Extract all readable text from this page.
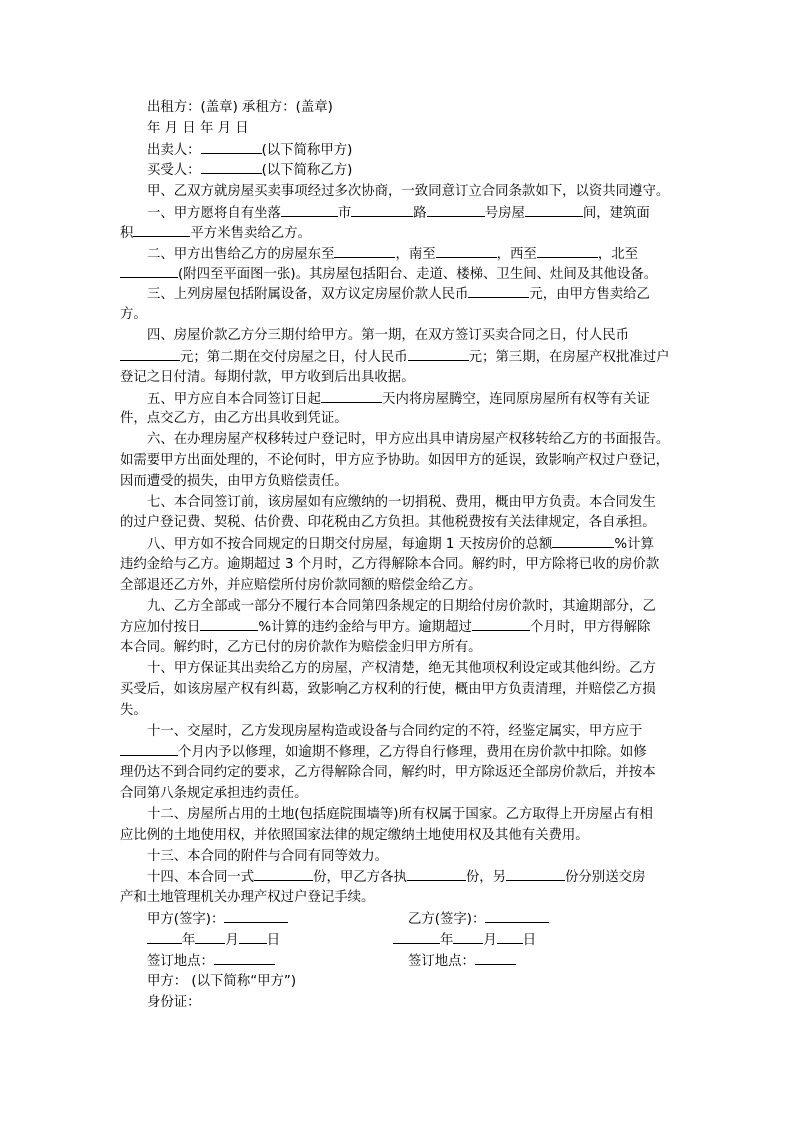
出租方：(盖章) 承租方：(盖章)
年 月 日 年 月 日
出卖人：	(以下简称甲方)
买受人：	(以下简称乙方)
甲、乙双方就房屋买卖事项经过多次协商，一致同意订立合同条款如下，以资共同遵守。
一、甲方愿将自有坐落	市	路	号房屋	间，建筑面
积	平方米售卖给乙方。
二、甲方出售给乙方的房屋东至	，南至	，西至	，北至
(附四至平面图一张)。其房屋包括阳台、走道、楼梯、卫生间、灶间及其他设备。
三、上列房屋包括附属设备，双方议定房屋价款人民币	元，由甲方售卖给乙
方。
四、房屋价款乙方分三期付给甲方。第一期，在双方签订买卖合同之日，付人民币
元；第二期在交付房屋之日，付人民币	元；第三期，在房屋产权批准过户
登记之日付清。每期付款，甲方收到后出具收据。
五、甲方应自本合同签订日起	天内将房屋腾空，连同原房屋所有权等有关证
件，点交乙方，由乙方出具收到凭证。
六、在办理房屋产权移转过户登记时，甲方应出具申请房屋产权移转给乙方的书面报告。
如需要甲方出面处理的，不论何时，甲方应予协助。如因甲方的延误，致影响产权过户登记，
因而遭受的损失，由甲方负赔偿责任。
七、本合同签订前，该房屋如有应缴纳的一切捐税、费用，概由甲方负责。本合同发生
的过户登记费、契税、估价费、印花税由乙方负担。其他税费按有关法律规定，各自承担。
八、甲方如不按合同规定的日期交付房屋，每逾期 1 天按房价的总额	%计算
违约金给与乙方。逾期超过 3 个月时，乙方得解除本合同。解约时，甲方除将已收的房价款
全部退还乙方外，并应赔偿所付房价款同额的赔偿金给乙方。
九、乙方全部或一部分不履行本合同第四条规定的日期给付房价款时，其逾期部分，乙
方应加付按日	%计算的违约金给与甲方。逾期超过	个月时，甲方得解除
本合同。解约时，乙方已付的房价款作为赔偿金归甲方所有。
十、甲方保证其出卖给乙方的房屋，产权清楚，绝无其他项权利设定或其他纠纷。乙方
买受后，如该房屋产权有纠葛，致影响乙方权利的行使，概由甲方负责清理，并赔偿乙方损
失。
十一、交屋时，乙方发现房屋构造或设备与合同约定的不符，经鉴定属实，甲方应于
个月内予以修理，如逾期不修理，乙方得自行修理，费用在房价款中扣除。如修
理仍达不到合同约定的要求，乙方得解除合同，解约时，甲方除返还全部房价款后，并按本
合同第八条规定承担违约责任。
十二、房屋所占用的土地(包括庭院围墙等)所有权属于国家。乙方取得上开房屋占有相
应比例的土地使用权，并依照国家法律的规定缴纳土地使用权及其他有关费用。
十三、本合同的附件与合同有同等效力。
十四、本合同一式	份，甲乙方各执	份，另	份分别送交房
产和土地管理机关办理产权过户登记手续。
甲方(签字)：	乙方(签字)：
年 月 日	年 月 日
签订地点：	签订地点：
甲方： (以下简称“甲方”)
身份证：
